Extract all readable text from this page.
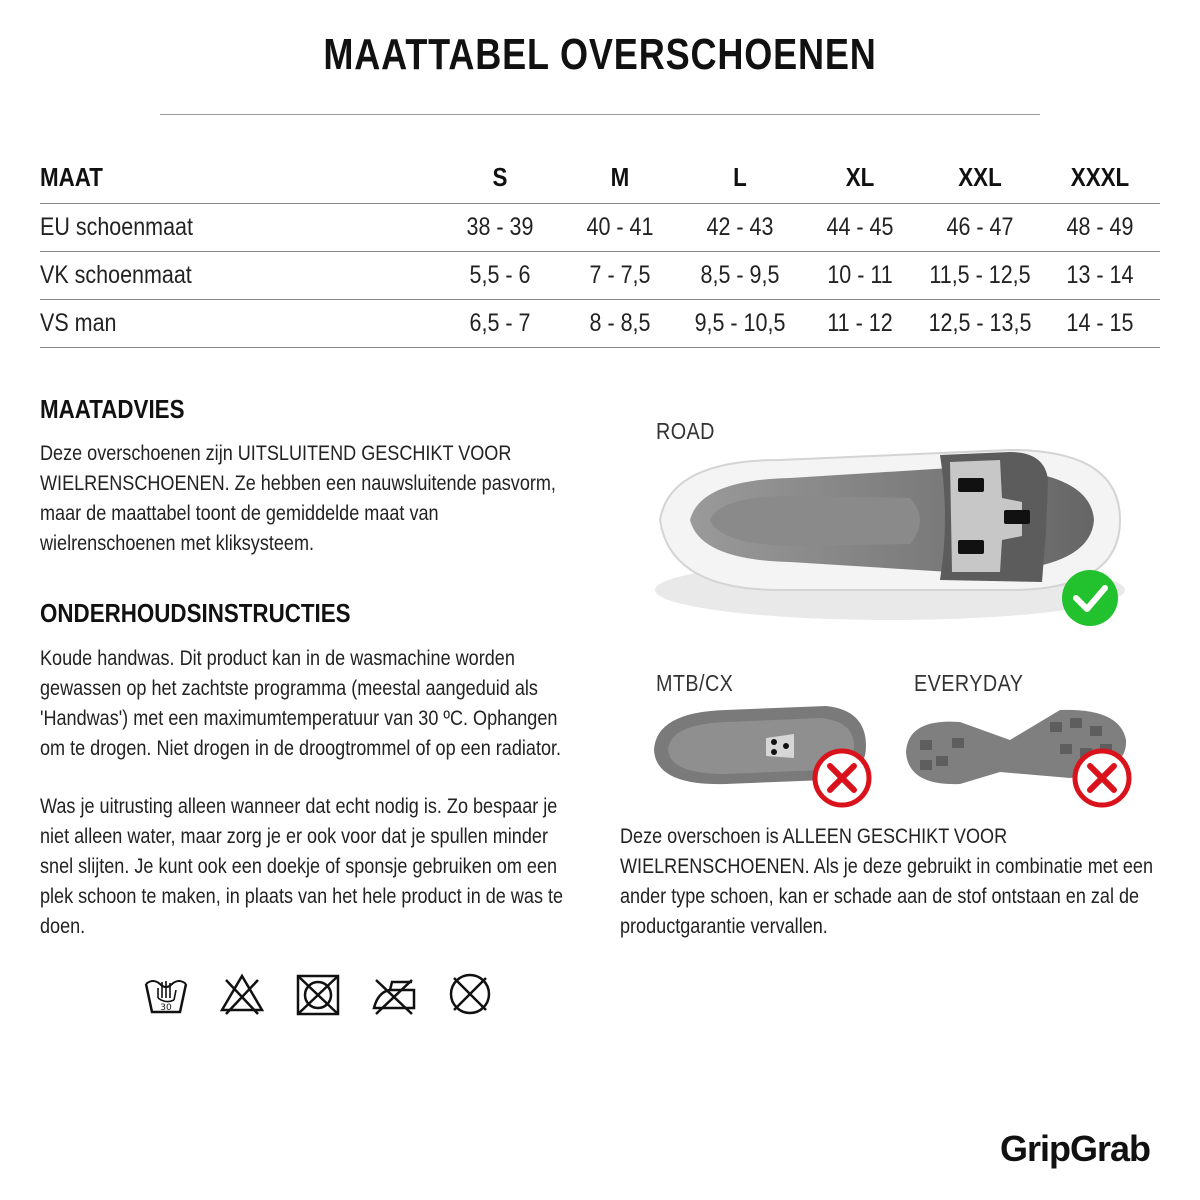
MAATTABEL OVERSCHOENEN
MAAT	S	M	L	XL	XXL	XXXL
EU schoenmaat	38 - 39	40 - 41	42 - 43	44 - 45	46 - 47	48 - 49
VK schoenmaat	5,5 - 6	7 - 7,5	8,5 - 9,5	10 - 11	11,5 - 12,5	13 - 14
VS man	6,5 - 7	8 - 8,5	9,5 - 10,5	11 - 12	12,5 - 13,5	14 - 15
MAATADVIES
Deze overschoenen zijn UITSLUITEND GESCHIKT VOOR WIELRENSCHOENEN. Ze hebben een nauwsluitende pasvorm, maar de maattabel toont de gemiddelde maat van wielrenschoenen met kliksysteem.
ONDERHOUDSINSTRUCTIES
Koude handwas. Dit product kan in de wasmachine worden gewassen op het zachtste programma (meestal aangeduid als 'Handwas') met een maximumtemperatuur van 30 ºC. Ophangen om te drogen. Niet drogen in de droogtrommel of op een radiator.
Was je uitrusting alleen wanneer dat echt nodig is. Zo bespaar je niet alleen water, maar zorg je er ook voor dat je spullen minder snel slijten. Je kunt ook een doekje of sponsje gebruiken om een plek schoon te maken, in plaats van het hele product in de was te doen.
30
ROAD
MTB/CX	EVERYDAY
Deze overschoen is ALLEEN GESCHIKT VOOR WIELRENSCHOENEN. Als je deze gebruikt in combinatie met een ander type schoen, kan er schade aan de stof ontstaan en zal de productgarantie vervallen.
GripGrab
